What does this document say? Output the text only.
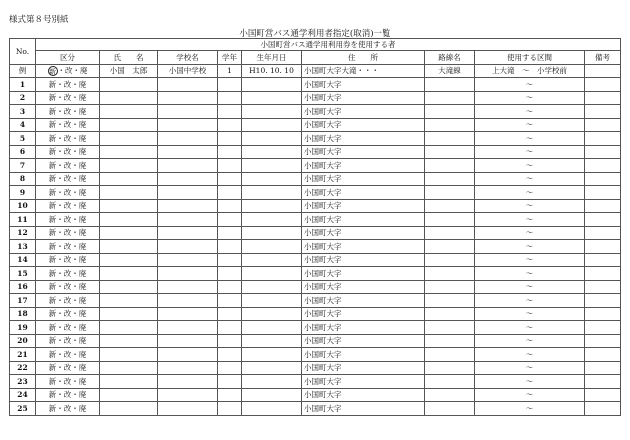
様式第８号別紙
小国町営バス通学利用者指定(取消)一覧
No.	小国町営バス通学用利用券を使用する者								
	区分	氏　　名	学校名	学年	生年月日	住　　所	路線名	使用する区間	備考
例	新 ・改・廃	小国　太郎	小国中学校	1	H10. 10. 10	小国町大字大滝・・・	大滝線	上大滝　～　小学校前	
1	新・改・廃					小国町大字		～	
2	新・改・廃					小国町大字		～	
3	新・改・廃					小国町大字		～	
4	新・改・廃					小国町大字		～	
5	新・改・廃					小国町大字		～	
6	新・改・廃					小国町大字		～	
7	新・改・廃					小国町大字		～	
8	新・改・廃					小国町大字		～	
9	新・改・廃					小国町大字		～	
10	新・改・廃					小国町大字		～	
11	新・改・廃					小国町大字		～	
12	新・改・廃					小国町大字		～	
13	新・改・廃					小国町大字		～	
14	新・改・廃					小国町大字		～	
15	新・改・廃					小国町大字		～	
16	新・改・廃					小国町大字		～	
17	新・改・廃					小国町大字		～	
18	新・改・廃					小国町大字		～	
19	新・改・廃					小国町大字		～	
20	新・改・廃					小国町大字		～	
21	新・改・廃					小国町大字		～	
22	新・改・廃					小国町大字		～	
23	新・改・廃					小国町大字		～	
24	新・改・廃					小国町大字		～	
25	新・改・廃					小国町大字		～	
